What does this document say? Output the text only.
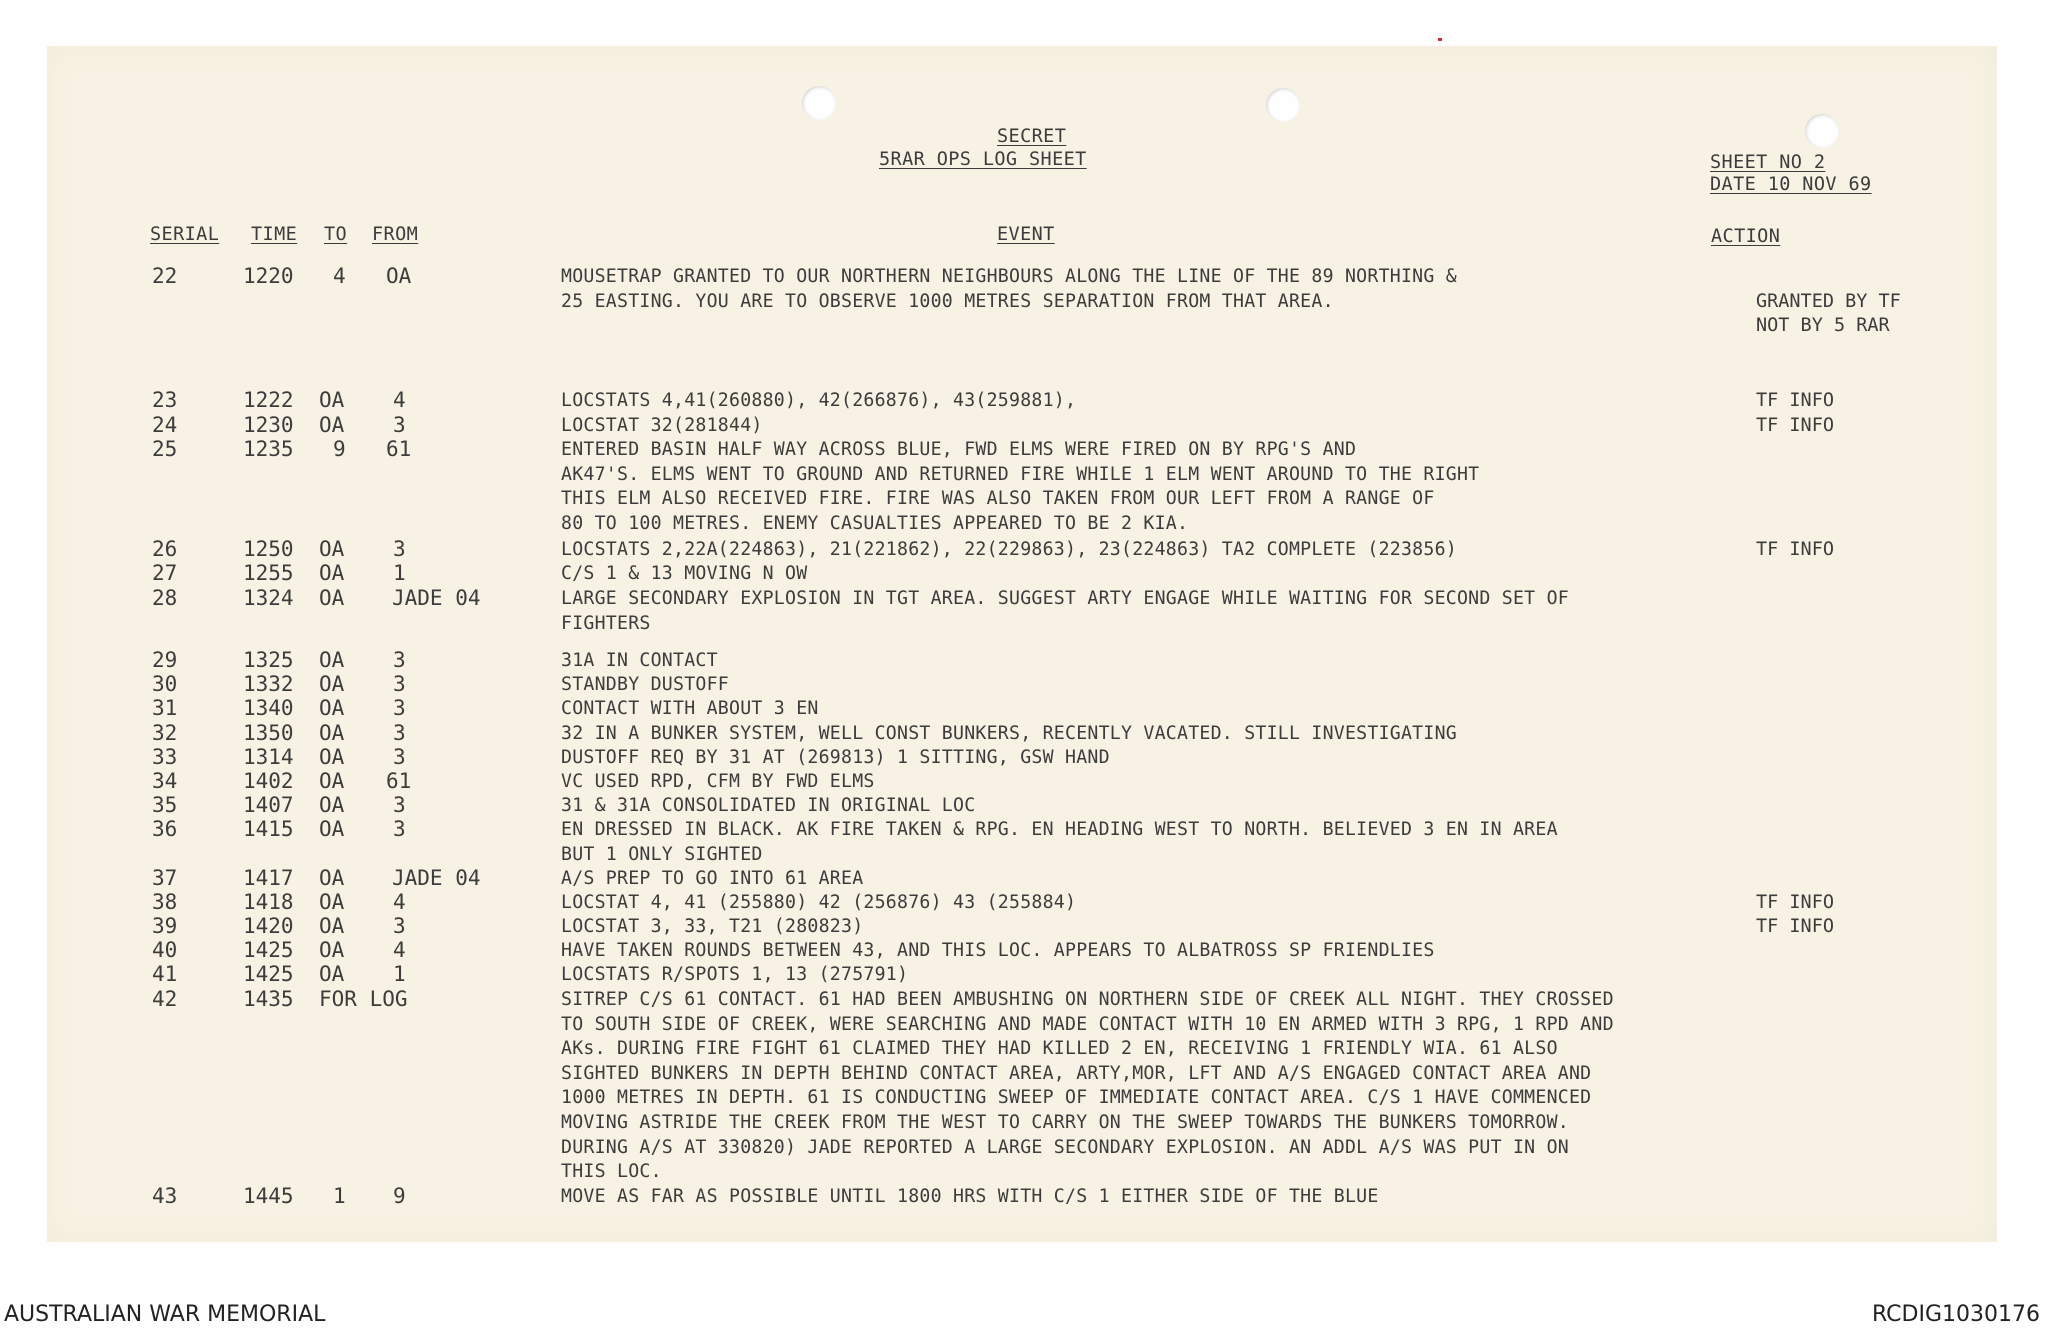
SECRET
5RAR OPS LOG SHEET	SHEET NO 2
DATE 10 NOV 69
SERIAL TIME TO FROM	EVENT	ACTION
22	1220 4 OA	MOUSETRAP GRANTED TO OUR NORTHERN NEIGHBOURS ALONG THE LINE OF THE 89 NORTHING &
25 EASTING. YOU ARE TO OBSERVE 1000 METRES SEPARATION FROM THAT AREA.	
GRANTED BY TF
NOT BY 5 RAR
23	1222 OA 4	LOCSTATS 4,41(260880), 42(266876), 43(259881),	TF INFO
24	1230 OA 3	LOCSTAT 32(281844)	TF INFO
25	1235 9 61	ENTERED BASIN HALF WAY ACROSS BLUE, FWD ELMS WERE FIRED ON BY RPG'S AND
AK47'S. ELMS WENT TO GROUND AND RETURNED FIRE WHILE 1 ELM WENT AROUND TO THE RIGHT
THIS ELM ALSO RECEIVED FIRE. FIRE WAS ALSO TAKEN FROM OUR LEFT FROM A RANGE OF
80 TO 100 METRES. ENEMY CASUALTIES APPEARED TO BE 2 KIA.
26	1250 OA 3	LOCSTATS 2,22A(224863), 21(221862), 22(229863), 23(224863) TA2 COMPLETE (223856)	TF INFO
27	1255 OA 1	C/S 1 & 13 MOVING N OW
28	1324 OA JADE 04	LARGE SECONDARY EXPLOSION IN TGT AREA. SUGGEST ARTY ENGAGE WHILE WAITING FOR SECOND SET OF
FIGHTERS
29	1325 OA 3	31A IN CONTACT
30	1332 OA 3	STANDBY DUSTOFF
31	1340 OA 3	CONTACT WITH ABOUT 3 EN
32	1350 OA 3	32 IN A BUNKER SYSTEM, WELL CONST BUNKERS, RECENTLY VACATED. STILL INVESTIGATING
33	1314 OA 3	DUSTOFF REQ BY 31 AT (269813) 1 SITTING, GSW HAND
34	1402 OA 61	VC USED RPD, CFM BY FWD ELMS
35	1407 OA 3	31 & 31A CONSOLIDATED IN ORIGINAL LOC
36	1415 OA 3	EN DRESSED IN BLACK. AK FIRE TAKEN & RPG. EN HEADING WEST TO NORTH. BELIEVED 3 EN IN AREA
BUT 1 ONLY SIGHTED
37	1417 OA JADE 04	A/S PREP TO GO INTO 61 AREA
38	1418 OA 4	LOCSTAT 4, 41 (255880) 42 (256876) 43 (255884)	TF INFO
39	1420 OA 3	LOCSTAT 3, 33, T21 (280823)	TF INFO
40	1425 OA 4	HAVE TAKEN ROUNDS BETWEEN 43, AND THIS LOC. APPEARS TO ALBATROSS SP FRIENDLIES
41	1425 OA 1	LOCSTATS R/SPOTS 1, 13 (275791)
42	1435 FOR LOG	SITREP C/S 61 CONTACT. 61 HAD BEEN AMBUSHING ON NORTHERN SIDE OF CREEK ALL NIGHT. THEY CROSSED
TO SOUTH SIDE OF CREEK, WERE SEARCHING AND MADE CONTACT WITH 10 EN ARMED WITH 3 RPG, 1 RPD AND
AKs. DURING FIRE FIGHT 61 CLAIMED THEY HAD KILLED 2 EN, RECEIVING 1 FRIENDLY WIA. 61 ALSO
SIGHTED BUNKERS IN DEPTH BEHIND CONTACT AREA, ARTY,MOR, LFT AND A/S ENGAGED CONTACT AREA AND
1000 METRES IN DEPTH. 61 IS CONDUCTING SWEEP OF IMMEDIATE CONTACT AREA. C/S 1 HAVE COMMENCED
MOVING ASTRIDE THE CREEK FROM THE WEST TO CARRY ON THE SWEEP TOWARDS THE BUNKERS TOMORROW.
DURING A/S AT 330820) JADE REPORTED A LARGE SECONDARY EXPLOSION. AN ADDL A/S WAS PUT IN ON
THIS LOC.
43	1445 1 9	MOVE AS FAR AS POSSIBLE UNTIL 1800 HRS WITH C/S 1 EITHER SIDE OF THE BLUE
AUSTRALIAN WAR MEMORIAL	RCDIG1030176
